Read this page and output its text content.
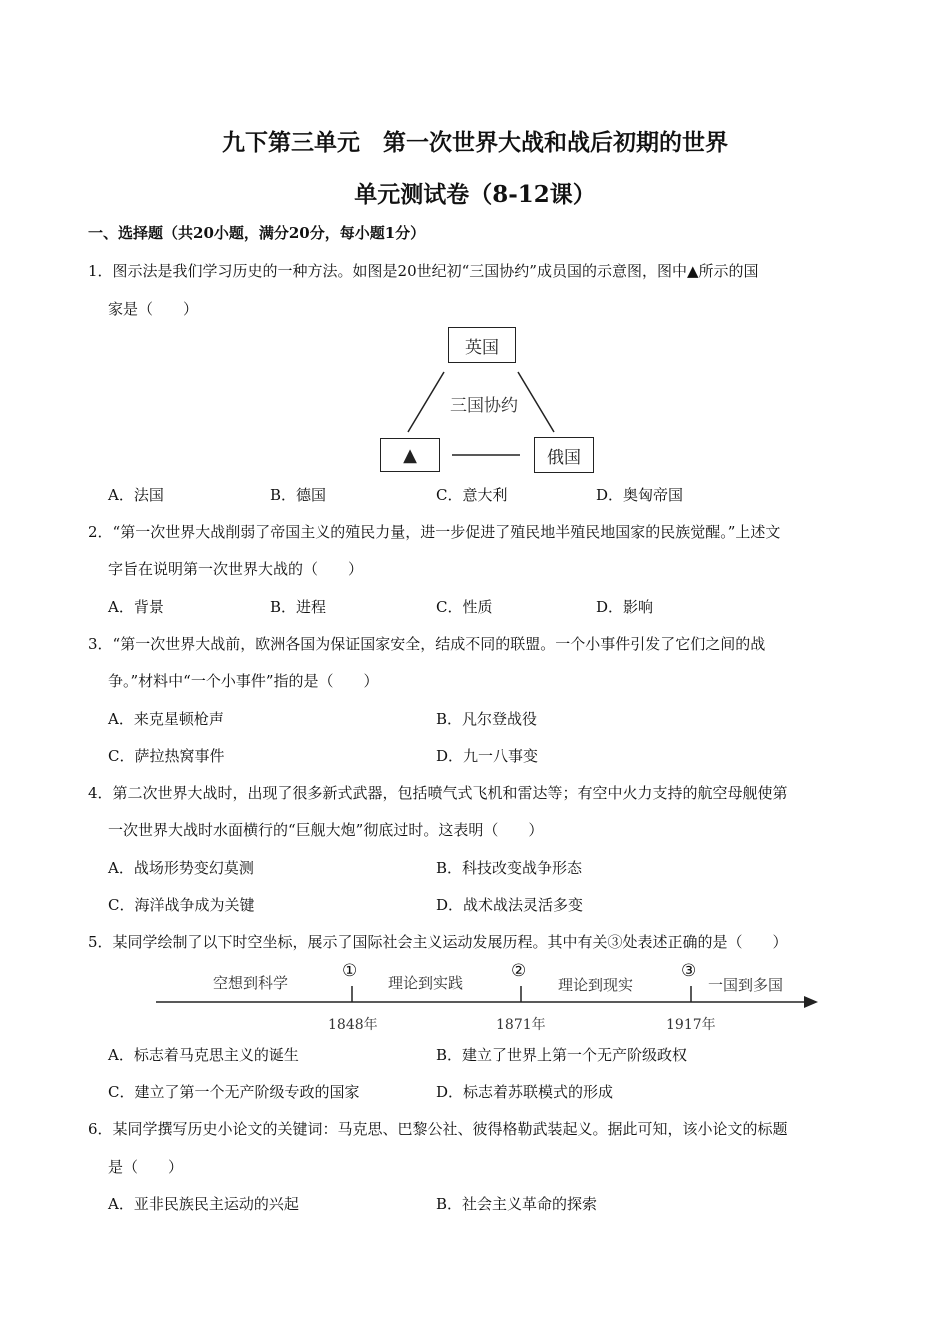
九下第三单元　第一次世界大战和战后初期的世界
单元测试卷（8-12课）
一、选择题（共20小题，满分20分，每小题1分）
1．图示法是我们学习历史的一种方法。如图是20世纪初“三国协约”成员国的示意图，图中▲所示的国
家是（　　）
英国
三国协约
▲	俄国
A．法国	B．德国	C．意大利	D．奥匈帝国
2．“第一次世界大战削弱了帝国主义的殖民力量，进一步促进了殖民地半殖民地国家的民族觉醒。”上述文
字旨在说明第一次世界大战的（　　）
A．背景	B．进程	C．性质	D．影响
3．“第一次世界大战前，欧洲各国为保证国家安全，结成不同的联盟。一个小事件引发了它们之间的战
争。”材料中“一个小事件”指的是（　　）
A．来克星顿枪声	B．凡尔登战役
C．萨拉热窝事件	D．九一八事变
4．第二次世界大战时，出现了很多新式武器，包括喷气式飞机和雷达等；有空中火力支持的航空母舰使第
一次世界大战时水面横行的“巨舰大炮”彻底过时。这表明（　　）
A．战场形势变幻莫测	B．科技改变战争形态
C．海洋战争成为关键	D．战术战法灵活多变
5．某同学绘制了以下时空坐标，展示了国际社会主义运动发展历程。其中有关③处表述正确的是（　　）
空想到科学	理论到实践	理论到现实	一国到多国
①	②	③
1848年	1871年	1917年
A．标志着马克思主义的诞生	B．建立了世界上第一个无产阶级政权
C．建立了第一个无产阶级专政的国家	D．标志着苏联模式的形成
6．某同学撰写历史小论文的关键词：马克思、巴黎公社、彼得格勒武装起义。据此可知，该小论文的标题
是（　　）
A．亚非民族民主运动的兴起	B．社会主义革命的探索
